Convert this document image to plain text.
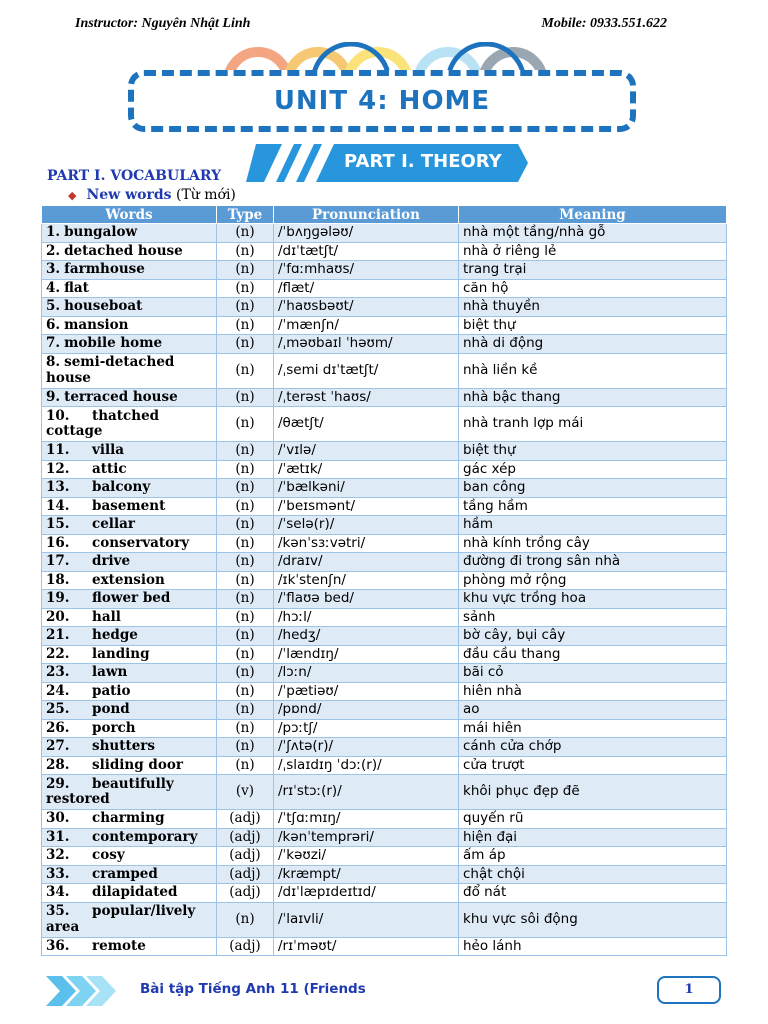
Instructor: Nguyên Nhật Linh	Mobile: 0933.551.622
UNIT 4: HOME
PART I. THEORY
PART I. VOCABULARY
◆ New words (Từ mới)
Words	Type	Pronunciation	Meaning
1. bungalow	(n)	/ˈbʌŋɡələʊ/	nhà một tầng/nhà gỗ
2. detached house	(n)	/dɪˈtætʃt/	nhà ở riêng lẻ
3. farmhouse	(n)	/ˈfɑːmhaʊs/	trang trại
4. flat	(n)	/flæt/	căn hộ
5. houseboat	(n)	/ˈhaʊsbəʊt/	nhà thuyền
6. mansion	(n)	/ˈmænʃn/	biệt thự
7. mobile home	(n)	/ˌməʊbaɪl ˈhəʊm/	nhà di động
8. semi-detached house	(n)	/ˌsemi dɪˈtætʃt/	nhà liền kề
9. terraced house	(n)	/ˌterəst ˈhaʊs/	nhà bậc thang
10. thatched cottage	(n)	/θætʃt/	nhà tranh lợp mái
11. villa	(n)	/ˈvɪlə/	biệt thự
12. attic	(n)	/ˈætɪk/	gác xép
13. balcony	(n)	/ˈbælkəni/	ban công
14. basement	(n)	/ˈbeɪsmənt/	tầng hầm
15. cellar	(n)	/ˈselə(r)/	hầm
16. conservatory	(n)	/kənˈsɜːvətri/	nhà kính trồng cây
17. drive	(n)	/draɪv/	đường đi trong sân nhà
18. extension	(n)	/ɪkˈstenʃn/	phòng mở rộng
19. flower bed	(n)	/ˈflaʊə bed/	khu vực trồng hoa
20. hall	(n)	/hɔːl/	sảnh
21. hedge	(n)	/hedʒ/	bờ cây, bụi cây
22. landing	(n)	/ˈlændɪŋ/	đầu cầu thang
23. lawn	(n)	/lɔːn/	bãi cỏ
24. patio	(n)	/ˈpætiəʊ/	hiên nhà
25. pond	(n)	/pɒnd/	ao
26. porch	(n)	/pɔːtʃ/	mái hiên
27. shutters	(n)	/ˈʃʌtə(r)/	cánh cửa chớp
28. sliding door	(n)	/ˌslaɪdɪŋ ˈdɔː(r)/	cửa trượt
29. beautifully restored	(v)	/rɪˈstɔː(r)/	khôi phục đẹp đẽ
30. charming	(adj)	/ˈtʃɑːmɪŋ/	quyến rũ
31. contemporary	(adj)	/kənˈtemprəri/	hiện đại
32. cosy	(adj)	/ˈkəʊzi/	ấm áp
33. cramped	(adj)	/kræmpt/	chật chội
34. dilapidated	(adj)	/dɪˈlæpɪdeɪtɪd/	đổ nát
35. popular/lively area	(n)	/ˈlaɪvli/	khu vực sôi động
36. remote	(adj)	/rɪˈməʊt/	hẻo lánh
Bài tập Tiếng Anh 11 (Friends	1
